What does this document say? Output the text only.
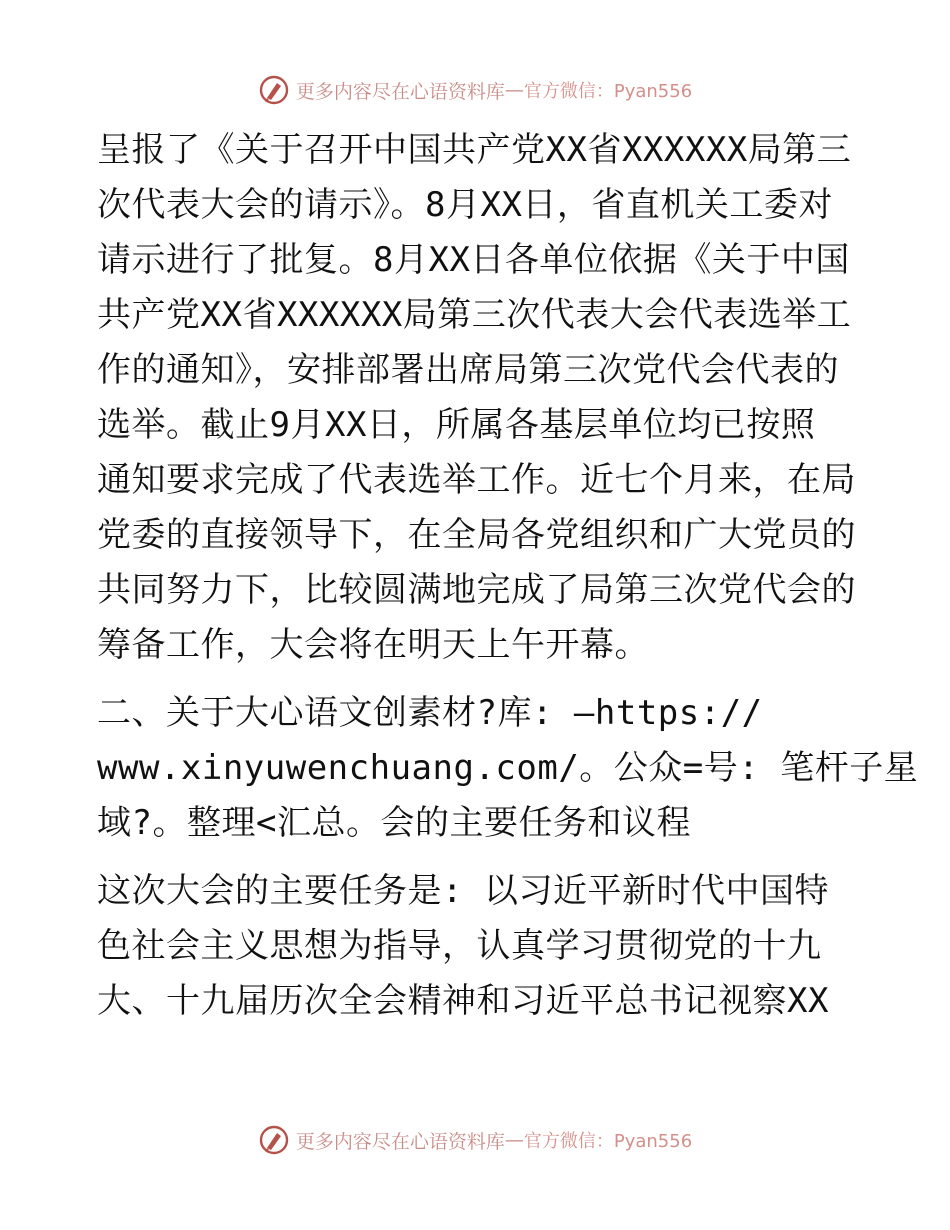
更多内容尽在心语资料库 — 官方微信：Pyan556

呈报了《关于召开中国共产党XX省XXXXXX局第三
次代表大会的请示》。8月XX日，省直机关工委对
请示进行了批复。8月XX日各单位依据《关于中国
共产党XX省XXXXXX局第三次代表大会代表选举工
作的通知》，安排部署出席局第三次党代会代表的
选举。截止9月XX日，所属各基层单位均已按照
通知要求完成了代表选举工作。近七个月来，在局
党委的直接领导下，在全局各党组织和广大党员的
共同努力下，比较圆满地完成了局第三次党代会的
筹备工作，大会将在明天上午开幕。

二、关于大心语文创素材?库: —https://
www.xinyuwenchuang.com/。公众=号: 笔杆子星
域?。整理<汇总。会的主要任务和议程

这次大会的主要任务是: 以习近平新时代中国特
色社会主义思想为指导，认真学习贯彻党的十九
大、十九届历次全会精神和习近平总书记视察XX

更多内容尽在心语资料库 — 官方微信：Pyan556
